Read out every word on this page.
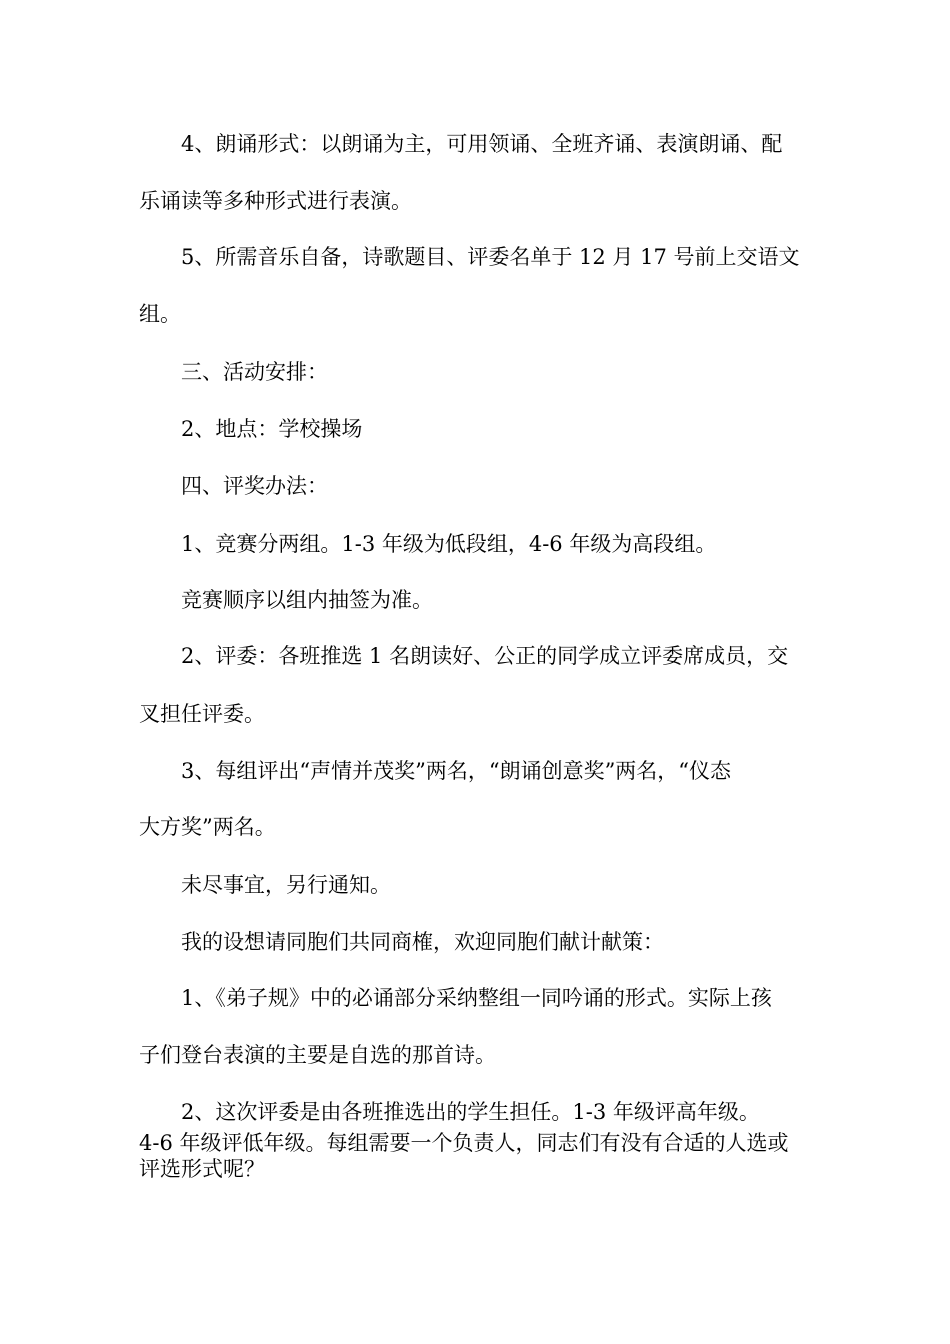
4、朗诵形式：以朗诵为主，可用领诵、全班齐诵、表演朗诵、配
乐诵读等多种形式进行表演。
5、所需音乐自备，诗歌题目、评委名单于 12 月 17 号前上交语文
组。
三、活动安排：
2、地点：学校操场
四、评奖办法：
1、竞赛分两组。1-3 年级为低段组，4-6 年级为高段组。
竞赛顺序以组内抽签为准。
2、评委：各班推选 1 名朗读好、公正的同学成立评委席成员，交
叉担任评委。
3、每组评出“声情并茂奖”两名，“朗诵创意奖”两名，“仪态
大方奖”两名。
未尽事宜，另行通知。
我的设想请同胞们共同商榷，欢迎同胞们献计献策：
1、《弟子规》中的必诵部分采纳整组一同吟诵的形式。实际上孩
子们登台表演的主要是自选的那首诗。
2、这次评委是由各班推选出的学生担任。1-3 年级评高年级。
4-6 年级评低年级。每组需要一个负责人，同志们有没有合适的人选或
评选形式呢？
